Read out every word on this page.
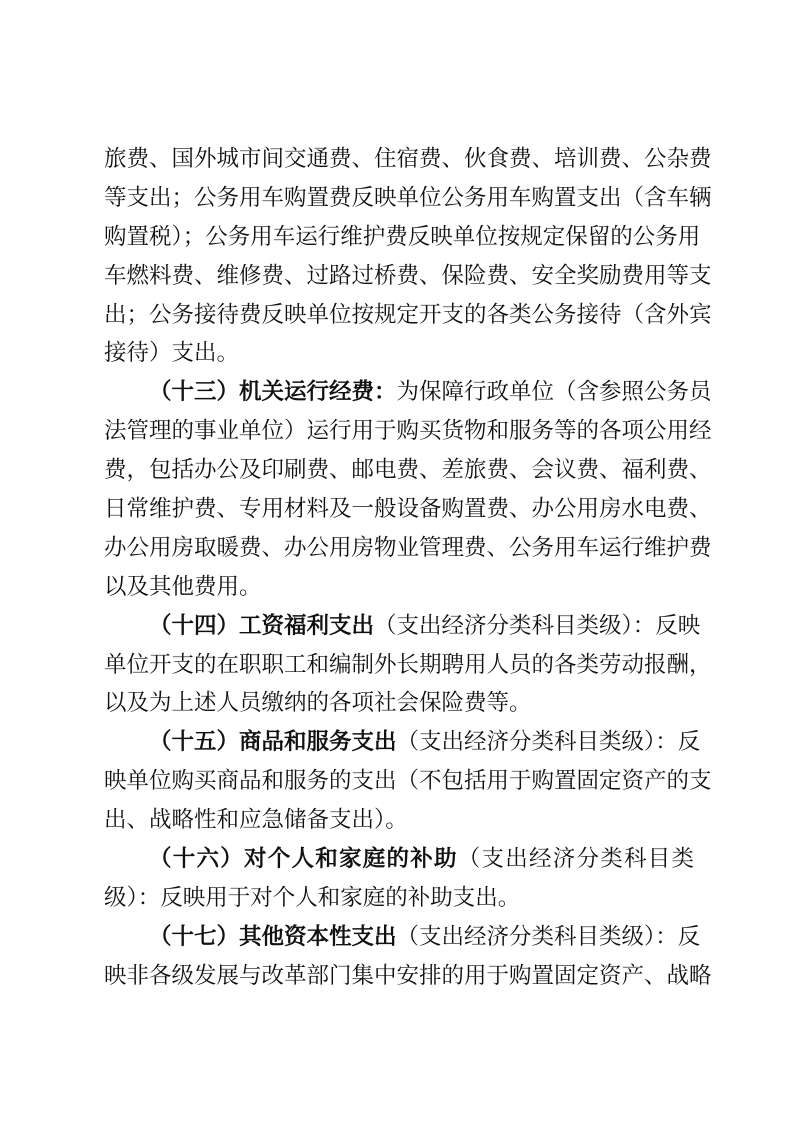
旅费、国外城市间交通费、住宿费、伙食费、培训费、公杂费
等支出；公务用车购置费反映单位公务用车购置支出（含车辆
购置税）；公务用车运行维护费反映单位按规定保留的公务用
车燃料费、维修费、过路过桥费、保险费、安全奖励费用等支
出；公务接待费反映单位按规定开支的各类公务接待（含外宾
接待）支出。
（十三）机关运行经费：为保障行政单位（含参照公务员
法管理的事业单位）运行用于购买货物和服务等的各项公用经
费，包括办公及印刷费、邮电费、差旅费、会议费、福利费、
日常维护费、专用材料及一般设备购置费、办公用房水电费、
办公用房取暖费、办公用房物业管理费、公务用车运行维护费
以及其他费用。
（十四）工资福利支出（支出经济分类科目类级）：反映
单位开支的在职职工和编制外长期聘用人员的各类劳动报酬，
以及为上述人员缴纳的各项社会保险费等。
（十五）商品和服务支出（支出经济分类科目类级）：反
映单位购买商品和服务的支出（不包括用于购置固定资产的支
出、战略性和应急储备支出）。
（十六）对个人和家庭的补助（支出经济分类科目类
级）：反映用于对个人和家庭的补助支出。
（十七）其他资本性支出（支出经济分类科目类级）：反
映非各级发展与改革部门集中安排的用于购置固定资产、战略
